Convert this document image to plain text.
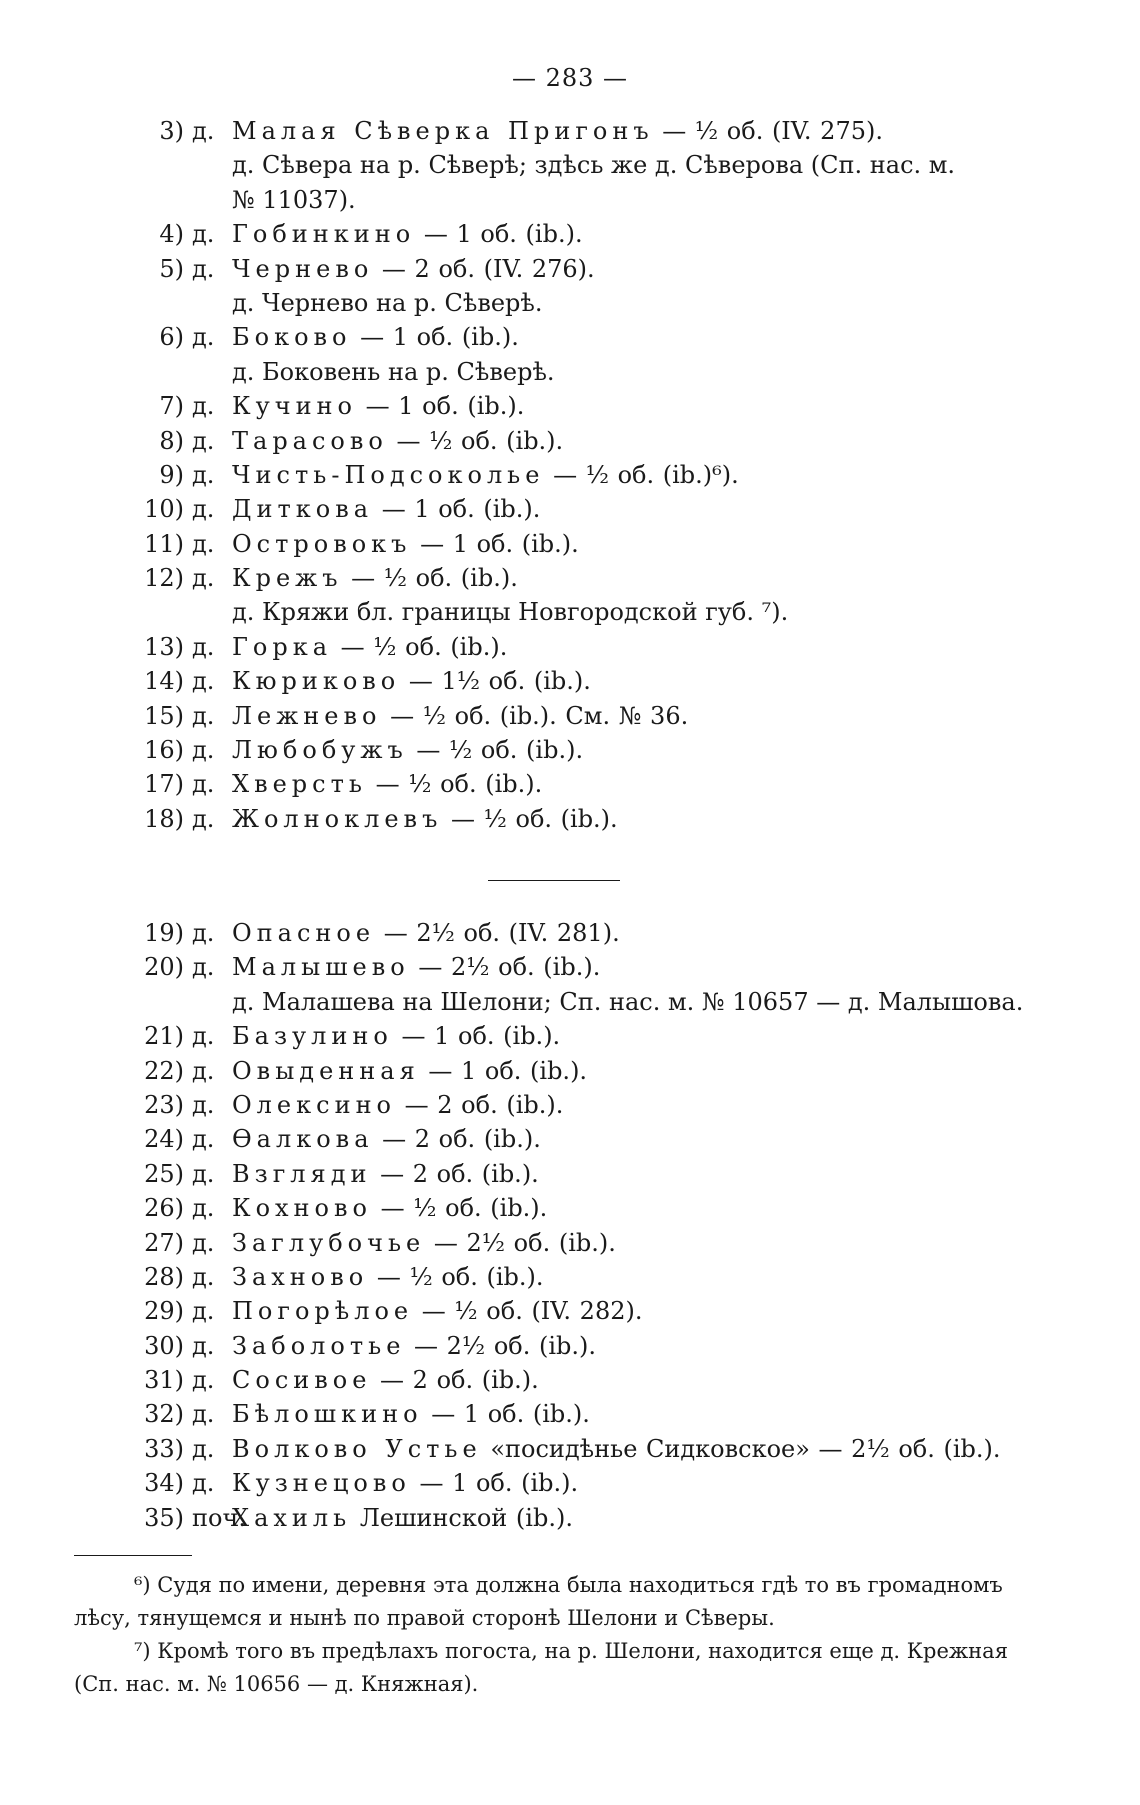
— 283 —
3) д. Малая Сѣверка Пригонъ — ½ об. (IV. 275).
д. Сѣвера на р. Сѣверѣ; здѣсь же д. Сѣверова (Сп. нас. м.
№ 11037).
4) д. Гобинкино — 1 об. (ib.).
5) д. Чернево — 2 об. (IV. 276).
д. Чернево на р. Сѣверѣ.
6) д. Боково — 1 об. (ib.).
д. Боковень на р. Сѣверѣ.
7) д. Кучино — 1 об. (ib.).
8) д. Тарасово — ½ об. (ib.).
9) д. Чисть-Подсоколье — ½ об. (ib.)⁶).
10) д. Диткова — 1 об. (ib.).
11) д. Островокъ — 1 об. (ib.).
12) д. Крежъ — ½ об. (ib.).
д. Кряжи бл. границы Новгородской губ. ⁷).
13) д. Горка — ½ об. (ib.).
14) д. Кюриково — 1½ об. (ib.).
15) д. Лежнево — ½ об. (ib.). См. № 36.
16) д. Любобужъ — ½ об. (ib.).
17) д. Хверсть — ½ об. (ib.).
18) д. Жолноклевъ — ½ об. (ib.).
19) д. Опасное — 2½ об. (IV. 281).
20) д. Малышево — 2½ об. (ib.).
д. Малашева на Шелони; Сп. нас. м. № 10657 — д. Малышова.
21) д. Базулино — 1 об. (ib.).
22) д. Овыденная — 1 об. (ib.).
23) д. Олексино — 2 об. (ib.).
24) д. Ѳалкова — 2 об. (ib.).
25) д. Взгляди — 2 об. (ib.).
26) д. Кохново — ½ об. (ib.).
27) д. Заглубочье — 2½ об. (ib.).
28) д. Захново — ½ об. (ib.).
29) д. Погорѣлое — ½ об. (IV. 282).
30) д. Заболотье — 2½ об. (ib.).
31) д. Сосивое — 2 об. (ib.).
32) д. Бѣлошкино — 1 об. (ib.).
33) д. Волково Устье «посидѣнье Сидковское» — 2½ об. (ib.).
34) д. Кузнецово — 1 об. (ib.).
35) поч.
Хахиль Лешинской (ib.).
⁶) Судя по имени, деревня эта должна была находиться гдѣ то въ громадномъ
лѣсу, тянущемся и нынѣ по правой сторонѣ Шелони и Сѣверы.
⁷) Кромѣ того въ предѣлахъ погоста, на р. Шелони, находится еще д. Крежная
(Сп. нас. м. № 10656 — д. Княжная).
